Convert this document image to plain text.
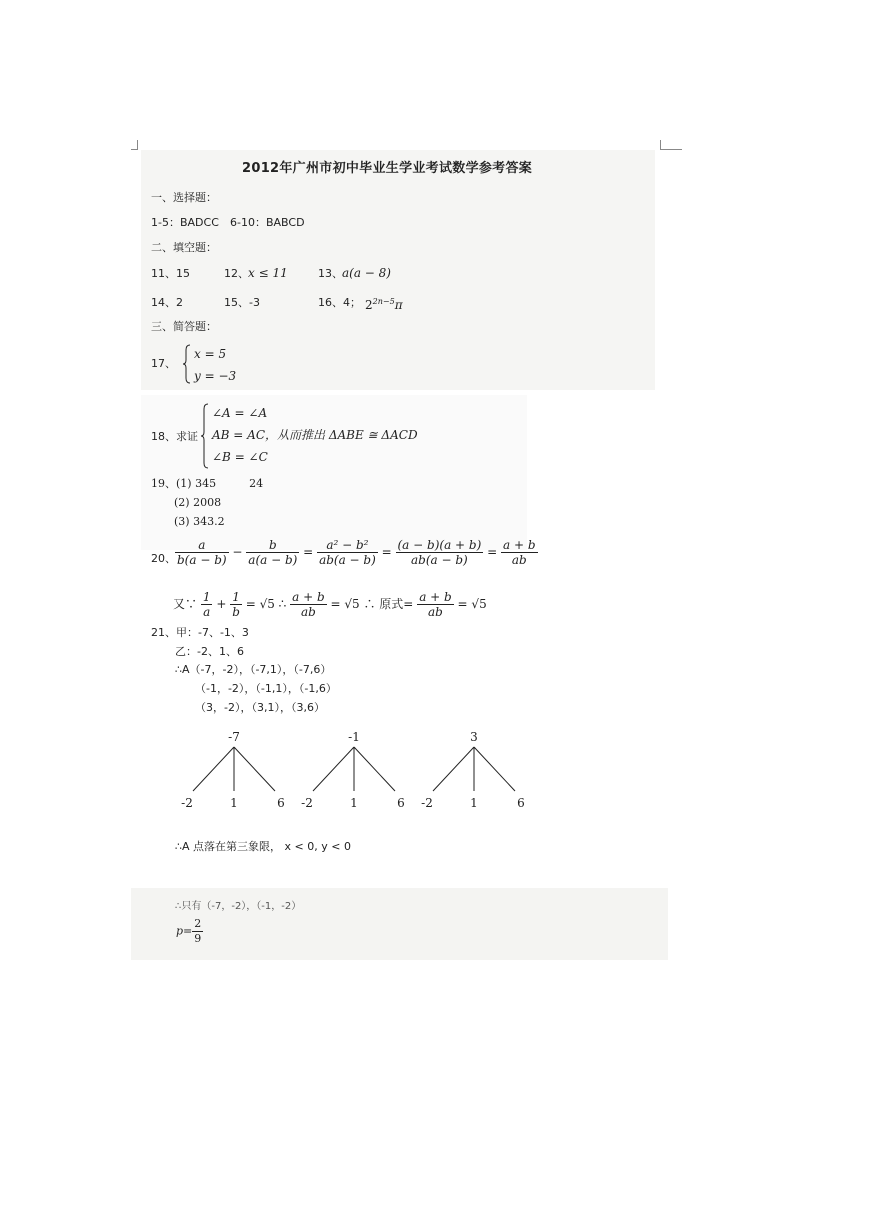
2012年广州市初中毕业生学业考试数学参考答案
一、选择题：
1-5：BADCC 6-10：BABCD
二、填空题：
11、15	12、 x ≤ 11	13、 a(a − 8)
14、2	15、-3	16、4； $2^{2n-5}\pi$
三、简答题：
17、
x = 5
y = −3
18、求证
∠A = ∠A
AB = AC，从而推出 ΔABE ≅ ΔACD
∠B = ∠C
19、(1) 345　　　24
(2) 2008
(3) 343.2
20、 $\frac{a}{b(a - b)} - \frac{b}{a(a - b)} = \frac{\text{a² − b²}}{ab(a - b)} = \frac{(a - b)(a + b)}{ab(a - b)} = \frac{a + b}{ab}$
又∵ $\frac{1}{a} + \frac{1}{b} = √5$ ∴ $\frac{a + b}{ab} = √5$ ∴ 原式= $\frac{a + b}{ab} = √5$
21、甲：-7、-1、3
乙：-2、1、6
∴A（-7，-2），（-7,1），（-7,6）
（-1，-2），（-1,1），（-1,6）
（3，-2），（3,1），（3,6）
-7
-2	1	6
-1
-2	1	6
3
-2	1	6
∴A 点落在第三象限， x < 0, y < 0
∴只有（-7，-2），（-1，-2）
$p= \frac{2}{9}$
